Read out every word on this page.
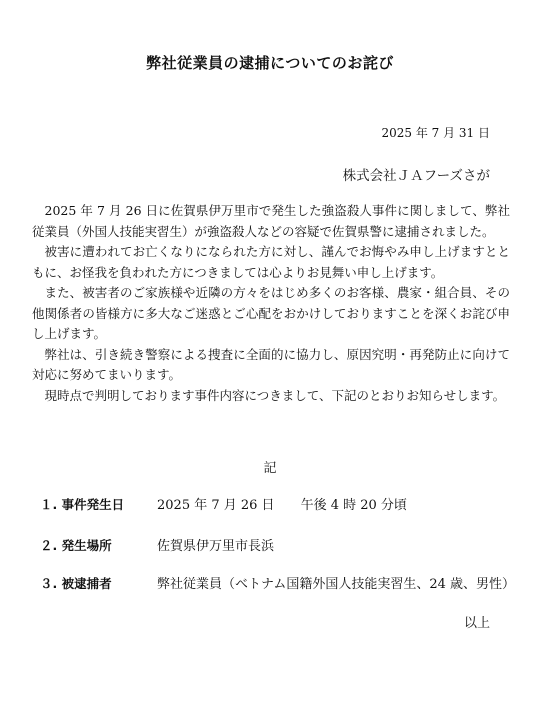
弊社従業員の逮捕についてのお詫び
2025 年 7 月 31 日
株式会社ＪＡフーズさが

2025 年 7 月 26 日に佐賀県伊万里市で発生した強盗殺人事件に関しまして、弊社従業員（外国人技能実習生）が強盗殺人などの容疑で佐賀県警に逮捕されました。

被害に遭われてお亡くなりになられた方に対し、謹んでお悔やみ申し上げますとともに、お怪我を負われた方につきましては心よりお見舞い申し上げます。

また、被害者のご家族様や近隣の方々をはじめ多くのお客様、農家・組合員、その他関係者の皆様方に多大なご迷惑とご心配をおかけしておりますことを深くお詫び申し上げます。

弊社は、引き続き警察による捜査に全面的に協力し、原因究明・再発防止に向けて対応に努めてまいります。

現時点で判明しております事件内容につきまして、下記のとおりお知らせします。

記
１. 事件発生日	2025 年 7 月 26 日 午後 4 時 20 分頃
２. 発生場所	佐賀県伊万里市長浜
３. 被逮捕者	弊社従業員（ベトナム国籍外国人技能実習生、24 歳、男性）
以上
